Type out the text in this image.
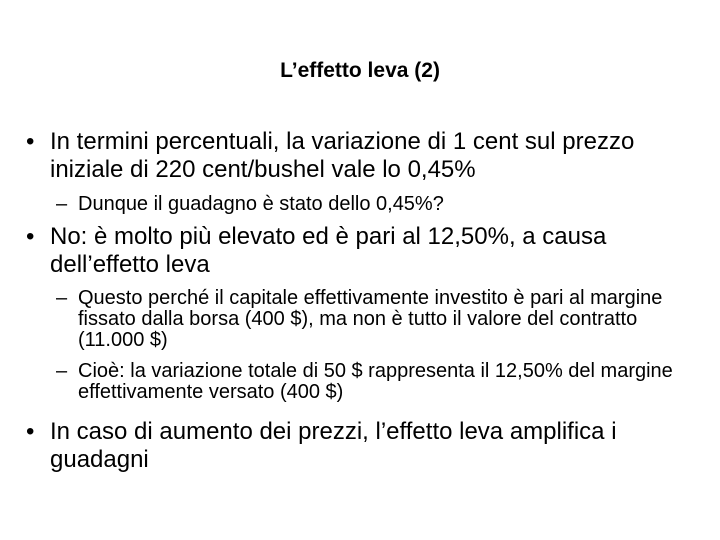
L’effetto leva (2)
• In termini percentuali, la variazione di 1 cent sul prezzo iniziale di 220 cent/bushel vale lo 0,45%
– Dunque il guadagno è stato dello 0,45%?
• No: è molto più elevato ed è pari al 12,50%, a causa dell’effetto leva
– Questo perché il capitale effettivamente investito è pari al margine fissato dalla borsa (400 $), ma non è tutto il valore del contratto (11.000 $)
– Cioè: la variazione totale di 50 $ rappresenta il 12,50% del margine effettivamente versato (400 $)
• In caso di aumento dei prezzi, l’effetto leva amplifica i guadagni
